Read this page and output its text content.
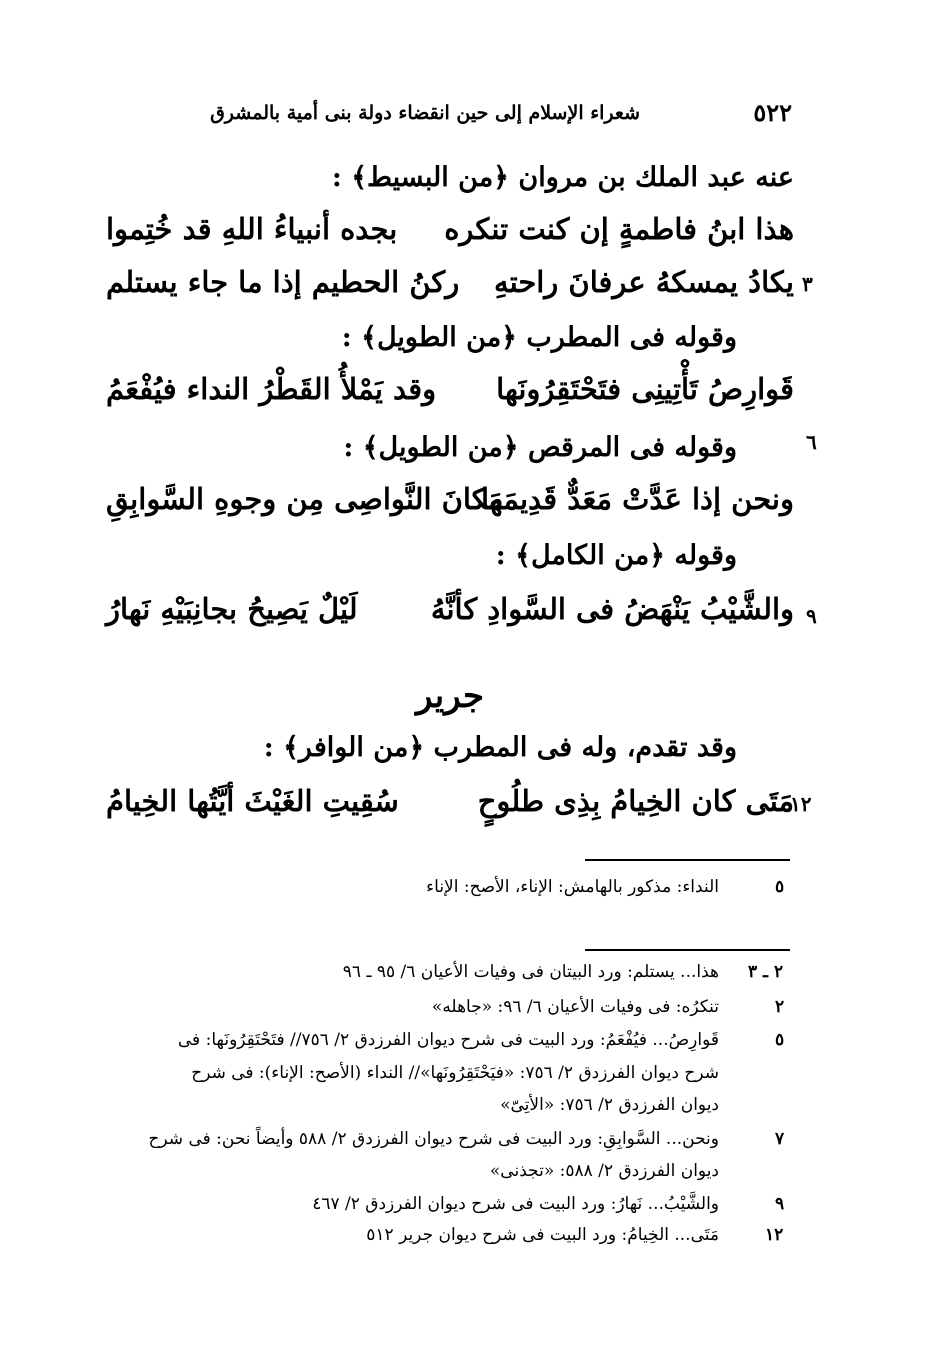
٥٢٢
شعراء الإسلام إلى حين انقضاء دولة بنى أمية بالمشرق
عنه عبد الملك بن مروان ﴿من البسيط﴾ :
هذا ابنُ فاطمةٍ إن كنت تنكره
بجده أنبياءُ اللهِ قد خُتِموا
٣
يكادُ يمسكهُ عرفانَ راحتهِ
ركنُ الحطيم إذا ما جاء يستلم
وقوله فى المطرب ﴿من الطويل﴾ :
قَوارِصُ تَأْتِينِى فتَحْتَقِرُونَها
وقد يَمْلأُ القَطْرُ النداء فيُفْعَمُ
٦
وقوله فى المرقص ﴿من الطويل﴾ :
ونحن إذا عَدَّتْ مَعَدٌّ قَدِيمَها
مَكانَ النَّواصِى مِن وجوهِ السَّوابِقِ
وقوله ﴿من الكامل﴾ :
٩
والشَّيْبُ يَنْهَضُ فى السَّوادِ كأنَّهُ
لَيْلٌ يَصِيحُ بجانِبَيْهِ نَهارُ
جرير
وقد تقدم، وله فى المطرب ﴿من الوافر﴾ :
١٢
مَتَى كان الخِيامُ بِذِى طلُوحٍ
سُقِيتِ الغَيْثَ أيَّتُها الخِيامُ
٥
النداء: مذكور بالهامش: الإناء، الأصح: الإناء
٢ ـ ٣
هذا... يستلم: ورد البيتان فى وفيات الأعيان ٦/ ٩٥ ـ ٩٦
٢
تنكرُه: فى وفيات الأعيان ٦/ ٩٦: «جاهله»
٥
قَوارِصُ... فيُفْعَمُ: ورد البيت فى شرح ديوان الفرزدق ٢/ ٧٥٦// فتَحْتَقِرُونَها: فى
شرح ديوان الفرزدق ٢/ ٧٥٦: «فيَحْتَقِرُونَها»// النداء (الأصح: الإناء): فى شرح
ديوان الفرزدق ٢/ ٧٥٦: «الأتِىّ»
٧
ونحن... السَّوابِقِ: ورد البيت فى شرح ديوان الفرزدق ٢/ ٥٨٨ وأيضاً نحن: فى شرح
ديوان الفرزدق ٢/ ٥٨٨: «تجذنى»
٩
والشَّيْبُ... نَهارُ: ورد البيت فى شرح ديوان الفرزدق ٢/ ٤٦٧
١٢
مَتَى... الخِيامُ: ورد البيت فى شرح ديوان جرير ٥١٢
